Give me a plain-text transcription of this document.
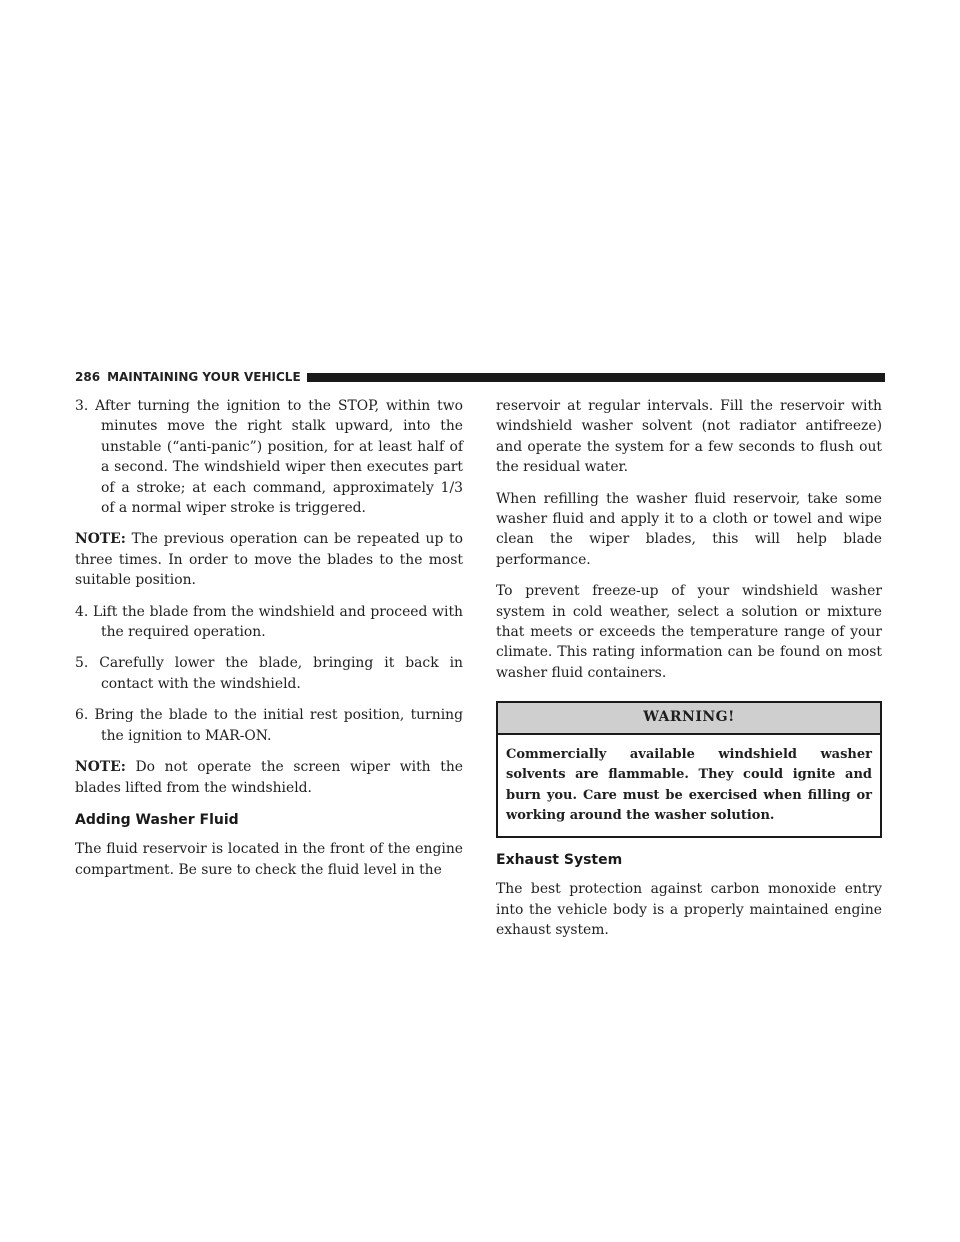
286 MAINTAINING YOUR VEHICLE

3. After turning the ignition to the STOP, within two minutes move the right stalk upward, into the unstable (“anti-panic”) position, for at least half of a second. The windshield wiper then executes part of a stroke; at each command, approximately 1/3 of a normal wiper stroke is triggered.

NOTE: The previous operation can be repeated up to three times. In order to move the blades to the most suitable position.

4. Lift the blade from the windshield and proceed with the required operation.

5. Carefully lower the blade, bringing it back in contact with the windshield.

6. Bring the blade to the initial rest position, turning the ignition to MAR-ON.

NOTE: Do not operate the screen wiper with the blades lifted from the windshield.

Adding Washer Fluid

The fluid reservoir is located in the front of the engine compartment. Be sure to check the fluid level in the

reservoir at regular intervals. Fill the reservoir with windshield washer solvent (not radiator antifreeze) and operate the system for a few seconds to flush out the residual water.

When refilling the washer fluid reservoir, take some washer fluid and apply it to a cloth or towel and wipe clean the wiper blades, this will help blade performance.

To prevent freeze-up of your windshield washer system in cold weather, select a solution or mixture that meets or exceeds the temperature range of your climate. This rating information can be found on most washer fluid containers.

WARNING!
Commercially available windshield washer solvents are flammable. They could ignite and burn you. Care must be exercised when filling or working around the washer solution.
Exhaust System

The best protection against carbon monoxide entry into the vehicle body is a properly maintained engine exhaust system.
